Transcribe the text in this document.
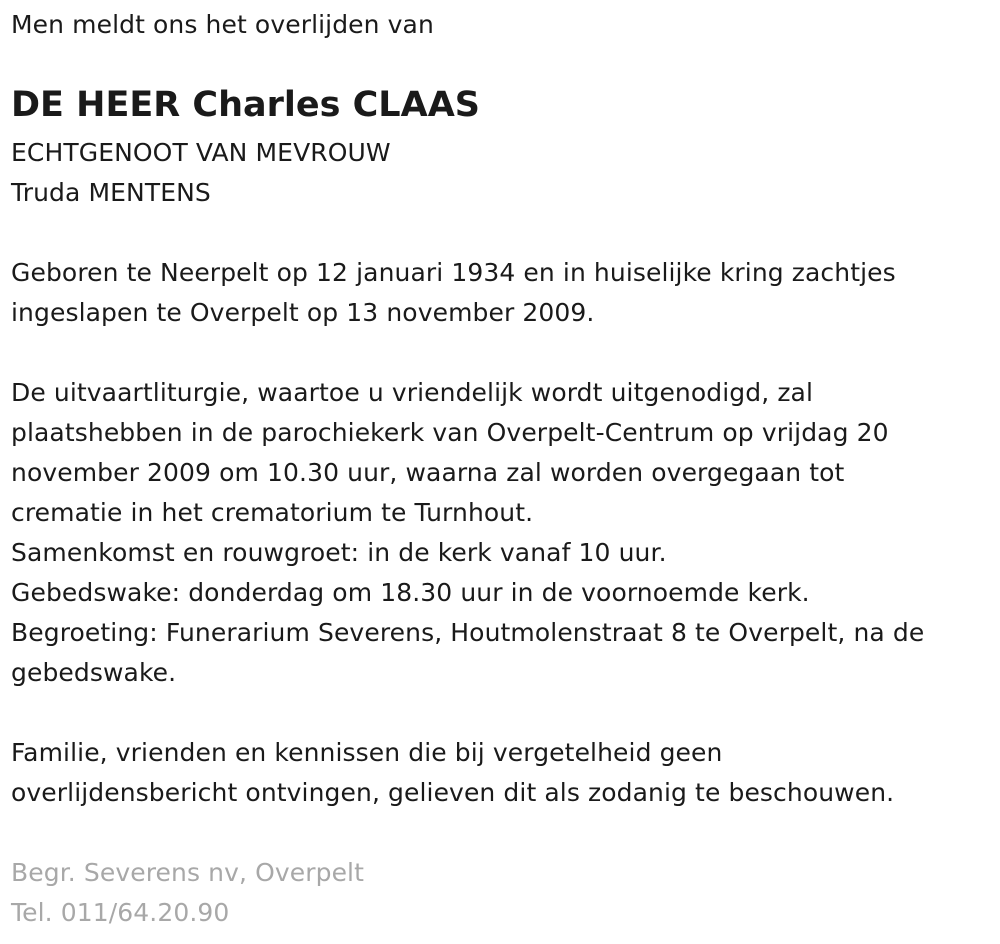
Men meldt ons het overlijden van
DE HEER Charles CLAAS
ECHTGENOOT VAN MEVROUW
Truda MENTENS
Geboren te Neerpelt op 12 januari 1934 en in huiselijke kring zachtjes
ingeslapen te Overpelt op 13 november 2009.
De uitvaartliturgie, waartoe u vriendelijk wordt uitgenodigd, zal
plaatshebben in de parochiekerk van Overpelt-Centrum op vrijdag 20
november 2009 om 10.30 uur, waarna zal worden overgegaan tot
crematie in het crematorium te Turnhout.
Samenkomst en rouwgroet: in de kerk vanaf 10 uur.
Gebedswake: donderdag om 18.30 uur in de voornoemde kerk.
Begroeting: Funerarium Severens, Houtmolenstraat 8 te Overpelt, na de
gebedswake.
Familie, vrienden en kennissen die bij vergetelheid geen
overlijdensbericht ontvingen, gelieven dit als zodanig te beschouwen.
Begr. Severens nv, Overpelt
Tel. 011/64.20.90
